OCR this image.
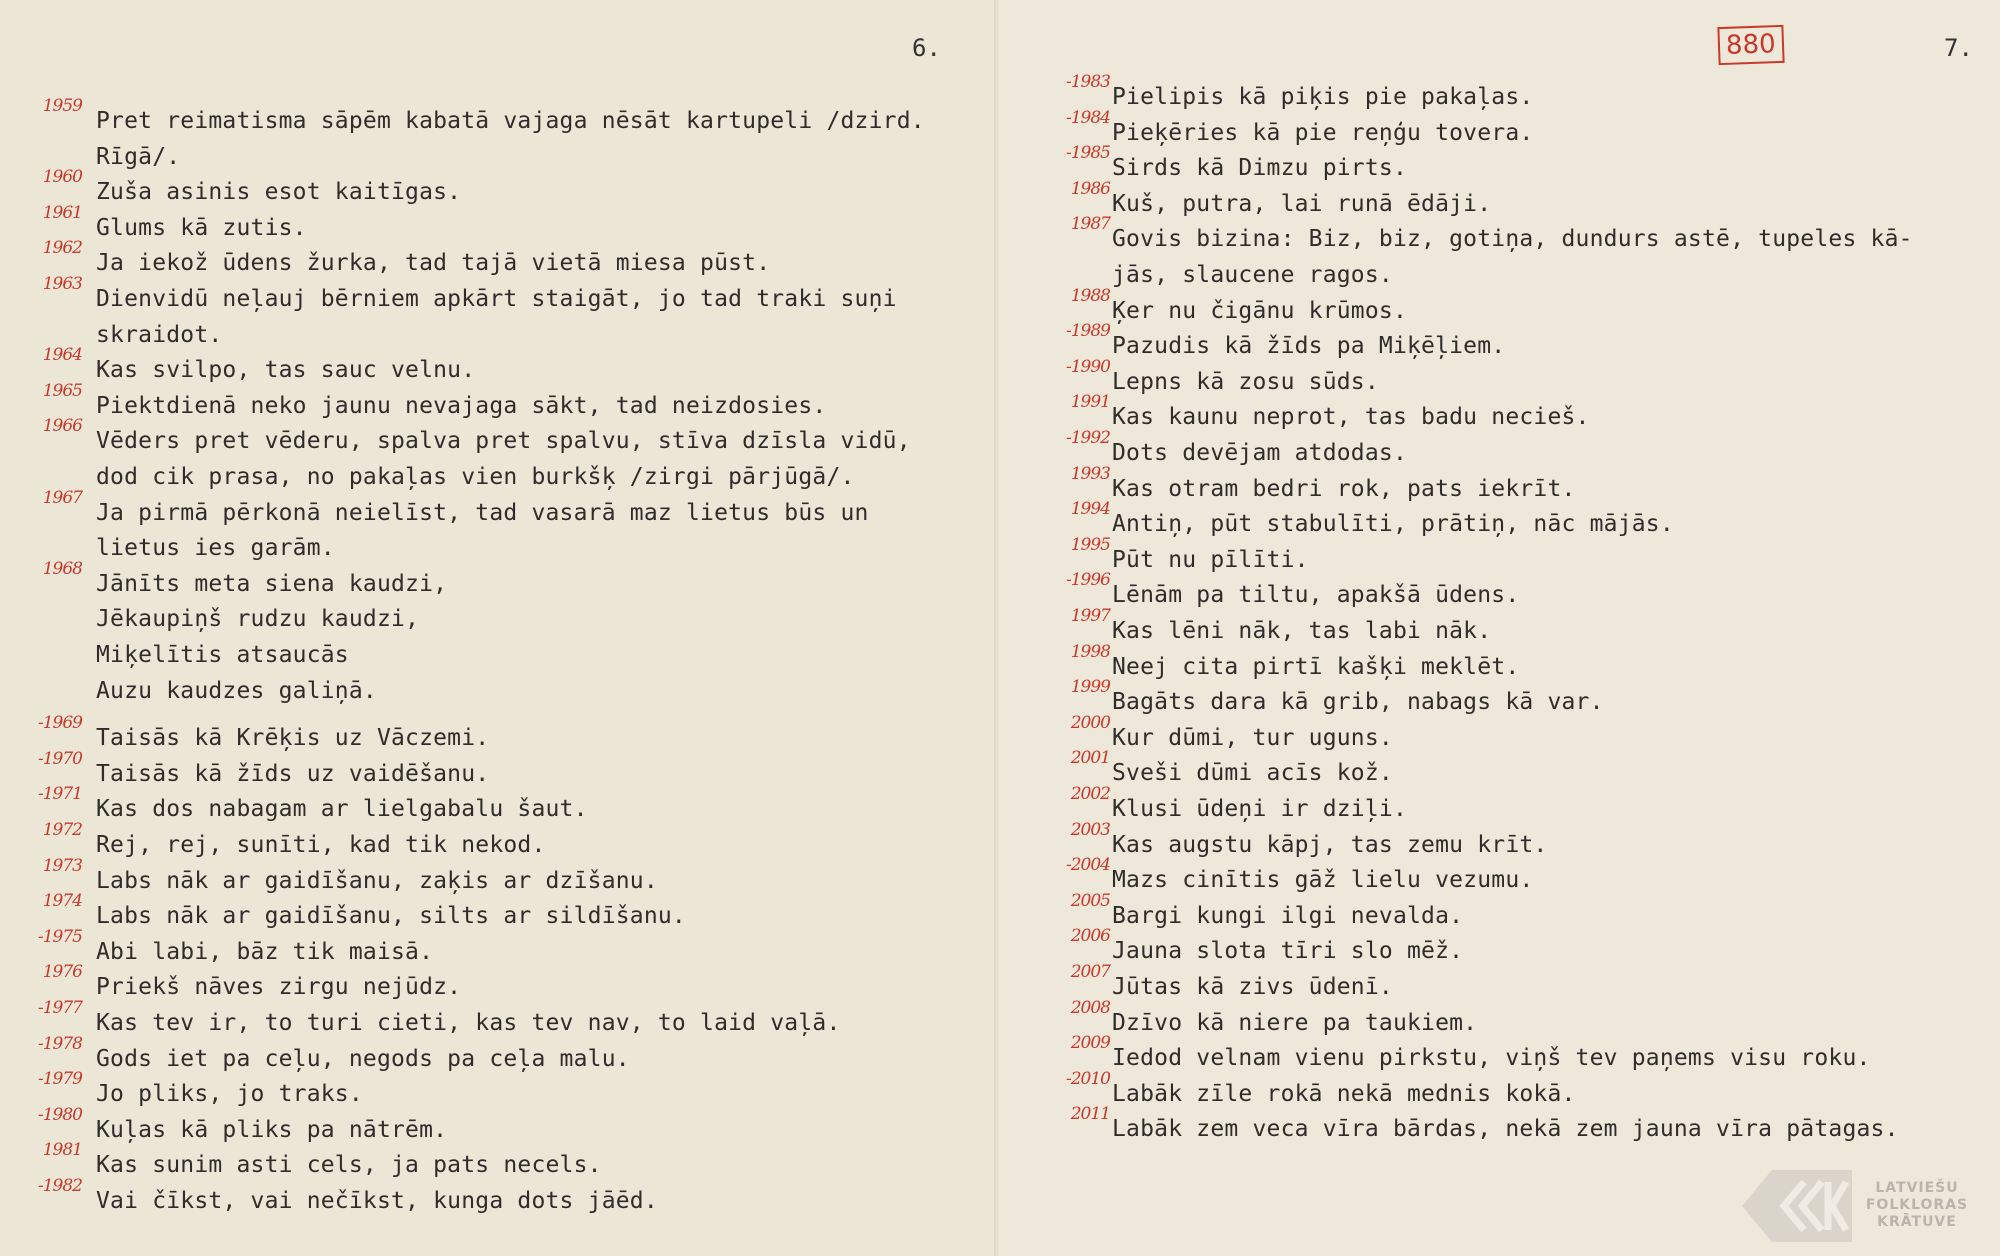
6.
1959
Pret reimatisma sāpēm kabatā vajaga nēsāt kartupeli /dzird.
Rīgā/.
1960
Zuša asinis esot kaitīgas.
1961
Glums kā zutis.
1962
Ja iekož ūdens žurka, tad tajā vietā miesa pūst.
1963
Dienvidū neļauj bērniem apkārt staigāt, jo tad traki suņi
skraidot.
1964
Kas svilpo, tas sauc velnu.
1965
Piektdienā neko jaunu nevajaga sākt, tad neizdosies.
1966
Vēders pret vēderu, spalva pret spalvu, stīva dzīsla vidū,
dod cik prasa, no pakaļas vien burkšķ /zirgi pārjūgā/.
1967
Ja pirmā pērkonā neielīst, tad vasarā maz lietus būs un
lietus ies garām.
1968
Jānīts meta siena kaudzi,
Jēkaupiņš rudzu kaudzi,
Miķelītis atsaucās
Auzu kaudzes galiņā.
-1969
Taisās kā Krēķis uz Vāczemi.
-1970
Taisās kā žīds uz vaidēšanu.
-1971
Kas dos nabagam ar lielgabalu šaut.
1972
Rej, rej, sunīti, kad tik nekod.
1973
Labs nāk ar gaidīšanu, zaķis ar dzīšanu.
1974
Labs nāk ar gaidīšanu, silts ar sildīšanu.
-1975
Abi labi, bāz tik maisā.
1976
Priekš nāves zirgu nejūdz.
-1977
Kas tev ir, to turi cieti, kas tev nav, to laid vaļā.
-1978
Gods iet pa ceļu, negods pa ceļa malu.
-1979
Jo pliks, jo traks.
-1980
Kuļas kā pliks pa nātrēm.
1981
Kas sunim asti cels, ja pats necels.
-1982
Vai čīkst, vai nečīkst, kunga dots jāēd.
880	7.
-1983
Pielipis kā piķis pie pakaļas.
-1984
Pieķēries kā pie reņģu tovera.
-1985
Sirds kā Dimzu pirts.
1986
Kuš, putra, lai runā ēdāji.
1987
Govis bizina: Biz, biz, gotiņa, dundurs astē, tupeles kā-
jās, slaucene ragos.
1988
Ķer nu čigānu krūmos.
-1989
Pazudis kā žīds pa Miķēļiem.
-1990
Lepns kā zosu sūds.
1991
Kas kaunu neprot, tas badu necieš.
-1992
Dots devējam atdodas.
1993
Kas otram bedri rok, pats iekrīt.
1994
Antiņ, pūt stabulīti, prātiņ, nāc mājās.
1995
Pūt nu pīlīti.
-1996
Lēnām pa tiltu, apakšā ūdens.
1997
Kas lēni nāk, tas labi nāk.
1998
Neej cita pirtī kašķi meklēt.
1999
Bagāts dara kā grib, nabags kā var.
2000
Kur dūmi, tur uguns.
2001
Sveši dūmi acīs kož.
2002
Klusi ūdeņi ir dziļi.
2003
Kas augstu kāpj, tas zemu krīt.
-2004
Mazs cinītis gāž lielu vezumu.
2005
Bargi kungi ilgi nevalda.
2006
Jauna slota tīri slo mēž.
2007
Jūtas kā zivs ūdenī.
2008
Dzīvo kā niere pa taukiem.
2009
Iedod velnam vienu pirkstu, viņš tev paņems visu roku.
-2010
Labāk zīle rokā nekā mednis kokā.
2011
Labāk zem veca vīra bārdas, nekā zem jauna vīra pātagas.
LATVIEŠU
FOLKLORAS
KRĀTUVE
